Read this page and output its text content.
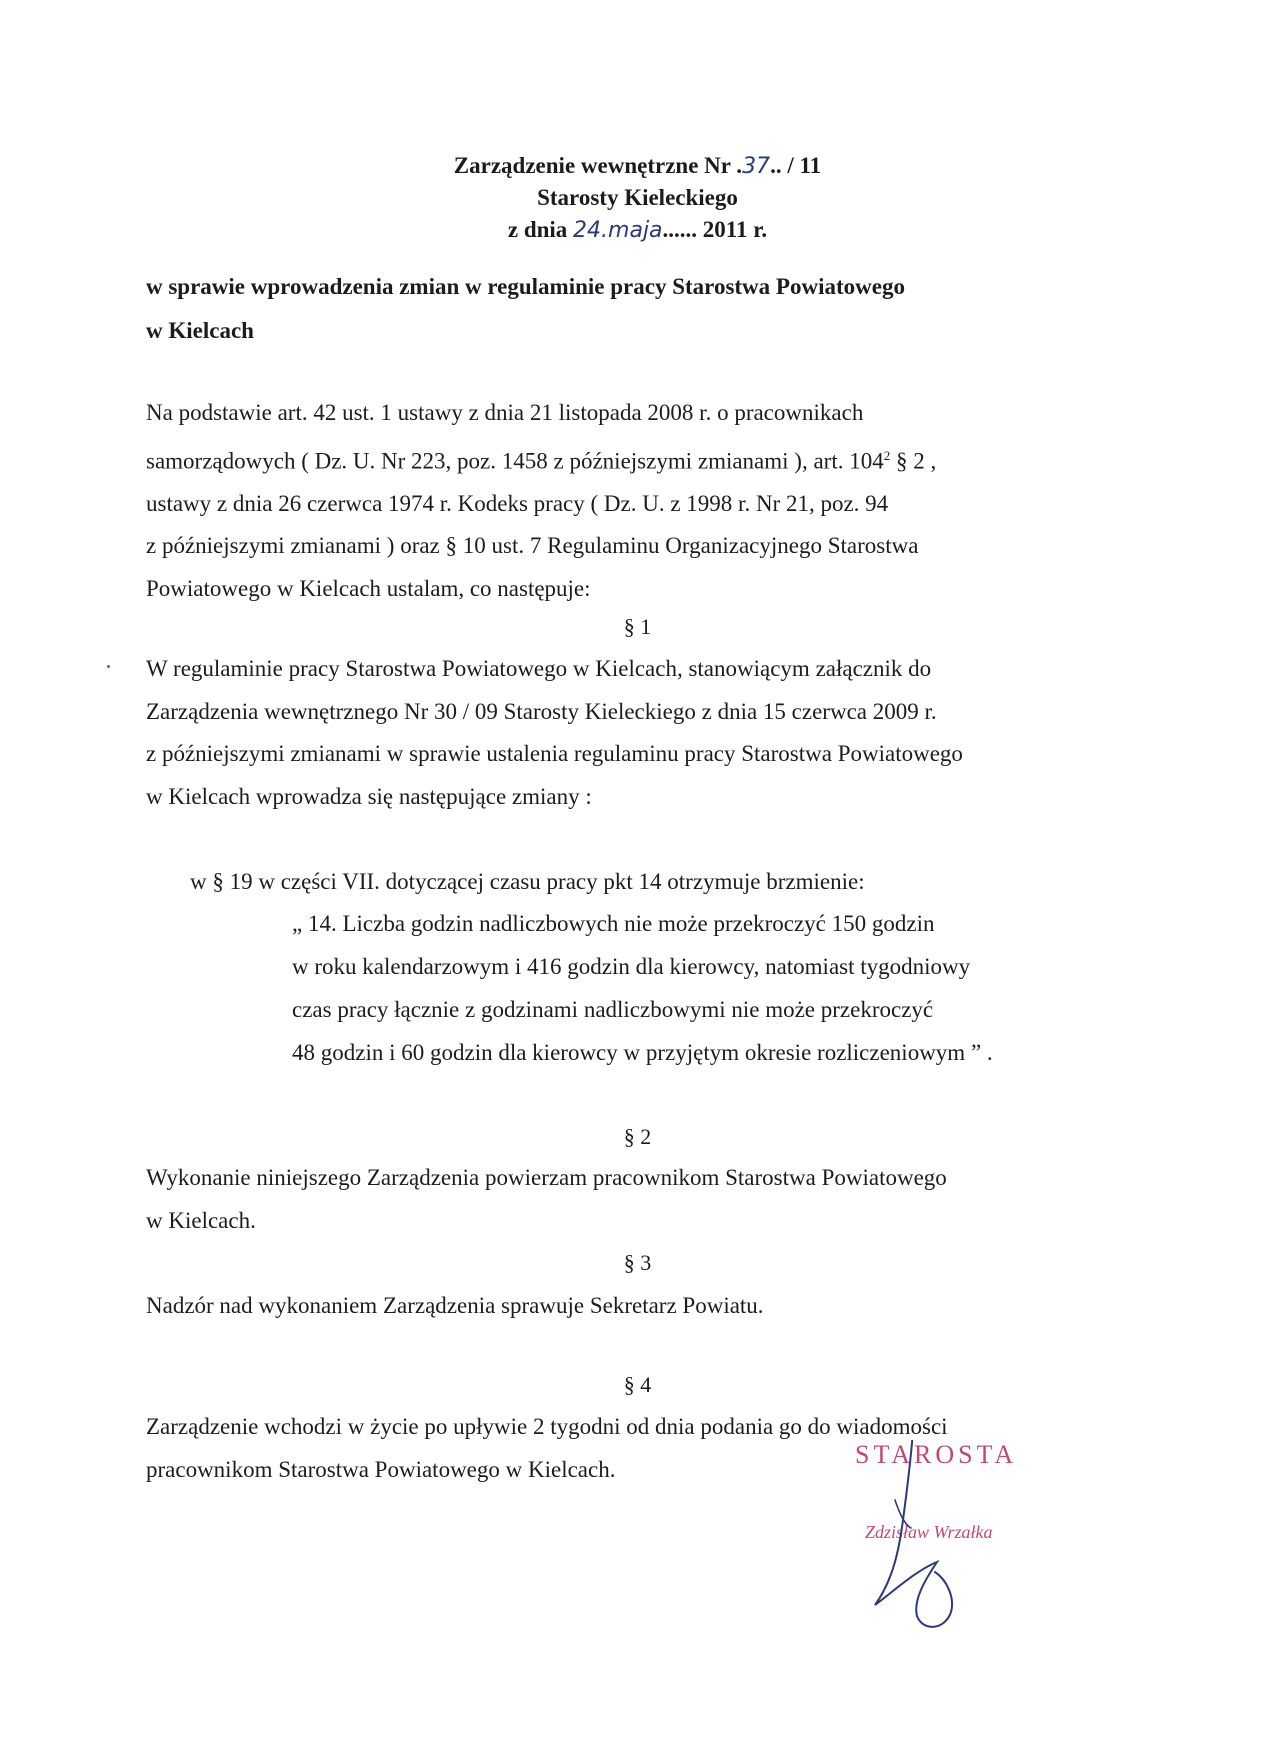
Zarządzenie wewnętrzne Nr .37.. / 11
Starosty Kieleckiego
z dnia 24.maja...... 2011 r.
w sprawie wprowadzenia zmian w regulaminie pracy Starostwa Powiatowego
w Kielcach
Na podstawie art. 42 ust. 1 ustawy z dnia 21 listopada 2008 r. o pracownikach
samorządowych ( Dz. U. Nr 223, poz. 1458 z późniejszymi zmianami ), art. $104^2$ § 2 ,
ustawy z dnia 26 czerwca 1974 r. Kodeks pracy ( Dz. U. z 1998 r. Nr 21, poz. 94
z późniejszymi zmianami ) oraz § 10 ust. 7 Regulaminu Organizacyjnego Starostwa
Powiatowego w Kielcach ustalam, co następuje:
§ 1
W regulaminie pracy Starostwa Powiatowego w Kielcach, stanowiącym załącznik do
Zarządzenia wewnętrznego Nr 30 / 09 Starosty Kieleckiego z dnia 15 czerwca 2009 r.
z późniejszymi zmianami w sprawie ustalenia regulaminu pracy Starostwa Powiatowego
w Kielcach wprowadza się następujące zmiany :
w § 19 w części VII. dotyczącej czasu pracy pkt 14 otrzymuje brzmienie:
„ 14. Liczba godzin nadliczbowych nie może przekroczyć 150 godzin
w roku kalendarzowym i 416 godzin dla kierowcy, natomiast tygodniowy
czas pracy łącznie z godzinami nadliczbowymi nie może przekroczyć
48 godzin i 60 godzin dla kierowcy w przyjętym okresie rozliczeniowym ” .
§ 2
Wykonanie niniejszego Zarządzenia powierzam pracownikom Starostwa Powiatowego
w Kielcach.
§ 3
Nadzór nad wykonaniem Zarządzenia sprawuje Sekretarz Powiatu.
§ 4
Zarządzenie wchodzi w życie po upływie 2 tygodni od dnia podania go do wiadomości
pracownikom Starostwa Powiatowego w Kielcach.	STAROSTA
Zdzisław Wrzałka
